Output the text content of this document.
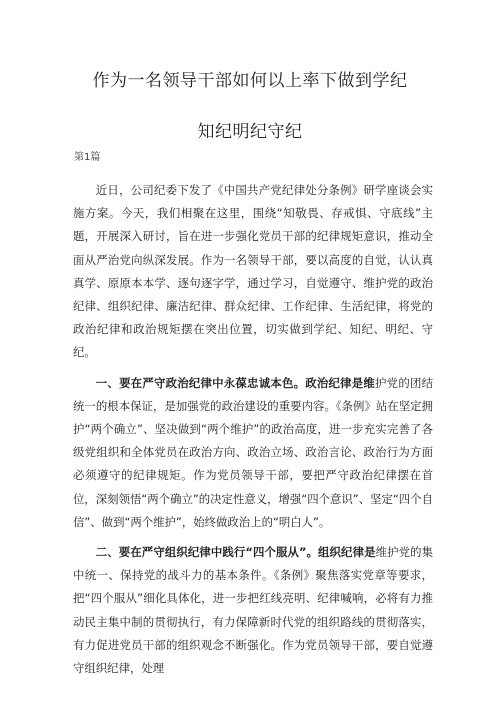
作为一名领导干部如何以上率下做到学纪
知纪明纪守纪
第1篇

近日，公司纪委下发了《中国共产党纪律处分条例》研学座谈会实施方案。今天，我们相聚在这里，围绕“知敬畏、存戒惧、守底线”主题，开展深入研讨，旨在进一步强化党员干部的纪律规矩意识，推动全面从严治党向纵深发展。作为一名领导干部，要以高度的自觉，认认真真学、原原本本学、逐句逐字学，通过学习，自觉遵守、维护党的政治纪律、组织纪律、廉洁纪律、群众纪律、工作纪律、生活纪律，将党的政治纪律和政治规矩摆在突出位置，切实做到学纪、知纪、明纪、守纪。

一、要在严守政治纪律中永葆忠诚本色。政治纪律是维护党的团结统一的根本保证，是加强党的政治建设的重要内容。《条例》站在坚定拥护“两个确立”、坚决做到“两个维护”的政治高度，进一步充实完善了各级党组织和全体党员在政治方向、政治立场、政治言论、政治行为方面必须遵守的纪律规矩。作为党员领导干部，要把严守政治纪律摆在首位，深刻领悟“两个确立”的决定性意义，增强“四个意识”、坚定“四个自信”、做到“两个维护”，始终做政治上的“明白人”。

二、要在严守组织纪律中践行“四个服从”。组织纪律是维护党的集中统一、保持党的战斗力的基本条件。《条例》聚焦落实党章等要求，把“四个服从”细化具体化，进一步把红线亮明、纪律喊响，必将有力推动民主集中制的贯彻执行，有力保障新时代党的组织路线的贯彻落实，有力促进党员干部的组织观念不断强化。作为党员领导干部，要自觉遵守组织纪律，处理
